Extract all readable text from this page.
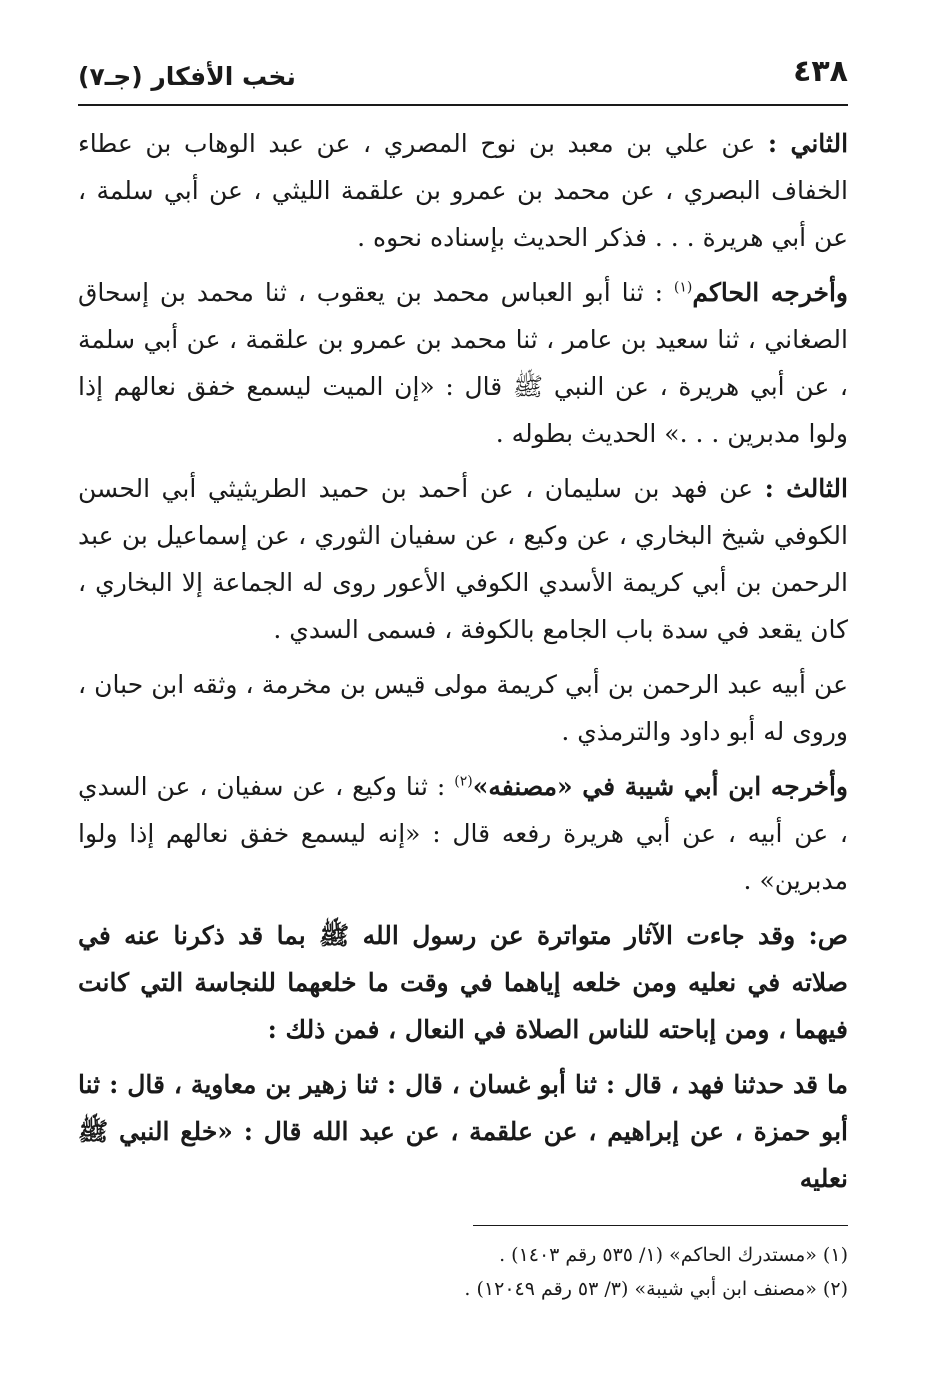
٤٣٨
نخب الأفكار (جـ٧)

الثاني : عن علي بن معبد بن نوح المصري ، عن عبد الوهاب بن عطاء الخفاف البصري ، عن محمد بن عمرو بن علقمة الليثي ، عن أبي سلمة ، عن أبي هريرة . . . فذكر الحديث بإسناده نحوه .

وأخرجه الحاكم$^{(١)}$ : ثنا أبو العباس محمد بن يعقوب ، ثنا محمد بن إسحاق الصغاني ، ثنا سعيد بن عامر ، ثنا محمد بن عمرو بن علقمة ، عن أبي سلمة ، عن أبي هريرة ، عن النبي ﷺ قال : «إن الميت ليسمع خفق نعالهم إذا ولوا مدبرين . . .» الحديث بطوله .

الثالث : عن فهد بن سليمان ، عن أحمد بن حميد الطريثيثي أبي الحسن الكوفي شيخ البخاري ، عن وكيع ، عن سفيان الثوري ، عن إسماعيل بن عبد الرحمن بن أبي كريمة الأسدي الكوفي الأعور روى له الجماعة إلا البخاري ، كان يقعد في سدة باب الجامع بالكوفة ، فسمى السدي .

عن أبيه عبد الرحمن بن أبي كريمة مولى قيس بن مخرمة ، وثقه ابن حبان ، وروى له أبو داود والترمذي .

وأخرجه ابن أبي شيبة في «مصنفه»$^{(٢)}$ : ثنا وكيع ، عن سفيان ، عن السدي ، عن أبيه ، عن أبي هريرة رفعه قال : «إنه ليسمع خفق نعالهم إذا ولوا مدبرين» .

ص: وقد جاءت الآثار متواترة عن رسول الله ﷺ بما قد ذكرنا عنه في صلاته في نعليه ومن خلعه إياهما في وقت ما خلعهما للنجاسة التي كانت فيهما ، ومن إباحته للناس الصلاة في النعال ، فمن ذلك :

ما قد حدثنا فهد ، قال : ثنا أبو غسان ، قال : ثنا زهير بن معاوية ، قال : ثنا أبو حمزة ، عن إبراهيم ، عن علقمة ، عن عبد الله قال : «خلع النبي ﷺ نعليه

(١) «مستدرك الحاكم» (١/ ٥٣٥ رقم ١٤٠٣) .

(٢) «مصنف ابن أبي شيبة» (٣/ ٥٣ رقم ١٢٠٤٩) .
